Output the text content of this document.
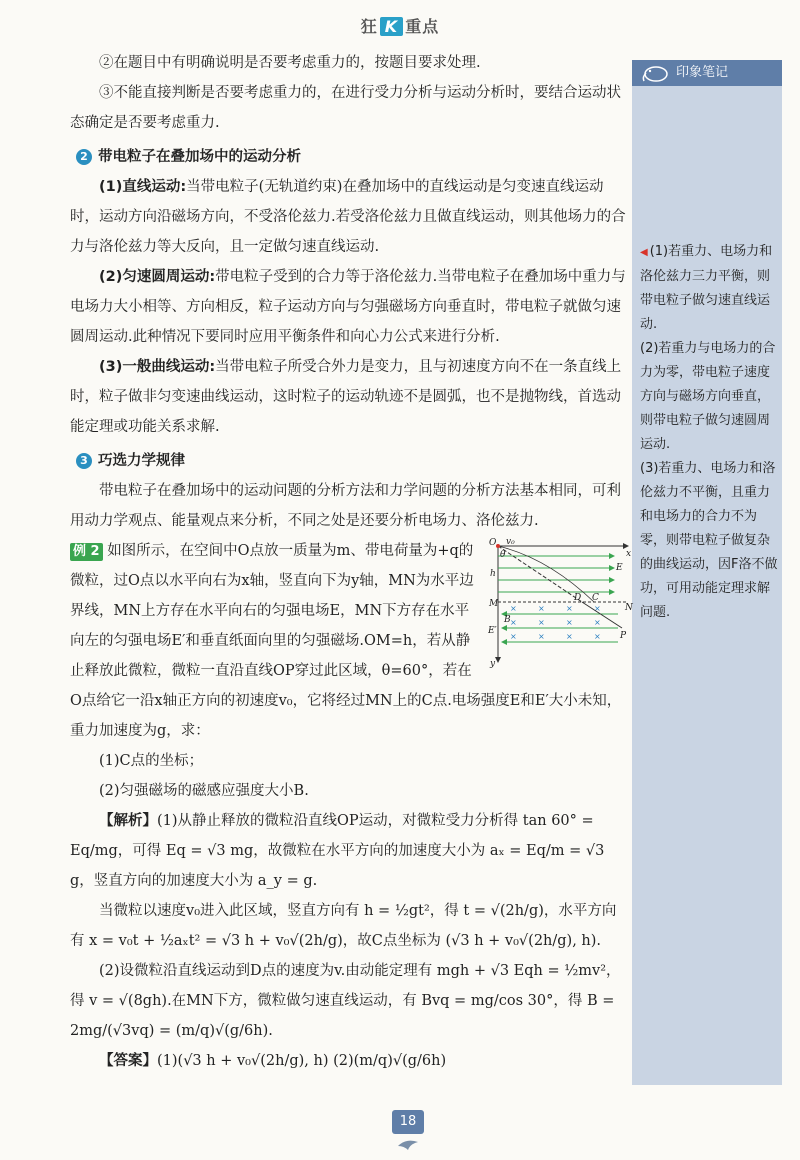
狂 K 重点
印象笔记

◀ (1)若重力、电场力和洛伦兹力三力平衡，则带电粒子做匀速直线运动.

(2)若重力与电场力的合力为零，带电粒子速度方向与磁场方向垂直，则带电粒子做匀速圆周运动.

(3)若重力、电场力和洛伦兹力不平衡，且重力和电场力的合力不为零，则带电粒子做复杂的曲线运动，因F洛不做功，可用动能定理求解问题.

②在题目中有明确说明是否要考虑重力的，按题目要求处理.

③不能直接判断是否要考虑重力的，在进行受力分析与运动分析时，要结合运动状态确定是否要考虑重力.

2 带电粒子在叠加场中的运动分析

(1)直线运动:当带电粒子(无轨道约束)在叠加场中的直线运动是匀变速直线运动时，运动方向沿磁场方向，不受洛伦兹力.若受洛伦兹力且做直线运动，则其他场力的合力与洛伦兹力等大反向，且一定做匀速直线运动.

(2)匀速圆周运动:带电粒子受到的合力等于洛伦兹力.当带电粒子在叠加场中重力与电场力大小相等、方向相反，粒子运动方向与匀强磁场方向垂直时，带电粒子就做匀速圆周运动.此种情况下要同时应用平衡条件和向心力公式来进行分析.

(3)一般曲线运动:当带电粒子所受合外力是变力，且与初速度方向不在一条直线上时，粒子做非匀变速曲线运动，这时粒子的运动轨迹不是圆弧，也不是抛物线，首选动能定理或功能关系求解.

3 巧选力学规律

带电粒子在叠加场中的运动问题的分析方法和力学问题的分析方法基本相同，可利用动力学观点、能量观点来分析，不同之处是还要分析电场力、洛伦兹力.

×	×	×	×
×	×	×	×
×	×	×	×
O v₀
x
y
h
θ
E
E′
M	N
D C
B
P

例 2 如图所示，在空间中O点放一质量为m、带电荷量为+q的微粒，过O点以水平向右为x轴，竖直向下为y轴，MN为水平边界线，MN上方存在水平向右的匀强电场E，MN下方存在水平向左的匀强电场E′和垂直纸面向里的匀强磁场.OM=h，若从静止释放此微粒，微粒一直沿直线OP穿过此区域，θ=60°，若在O点给它一沿x轴正方向的初速度v₀，它将经过MN上的C点.电场强度E和E′大小未知，重力加速度为g，求：

(1)C点的坐标；

(2)匀强磁场的磁感应强度大小B.

【解析】(1)从静止释放的微粒沿直线OP运动，对微粒受力分析得 tan 60° = Eq/mg，可得 Eq = √3 mg，故微粒在水平方向的加速度大小为 aₓ = Eq/m = √3 g，竖直方向的加速度大小为 a_y = g.

当微粒以速度v₀进入此区域，竖直方向有 h = ½gt²，得 t = √(2h/g)，水平方向有 x = v₀t + ½aₓt² = √3 h + v₀√(2h/g)，故C点坐标为 (√3 h + v₀√(2h/g), h).

(2)设微粒沿直线运动到D点的速度为v.由动能定理有 mgh + √3 Eqh = ½mv²，得 v = √(8gh).在MN下方，微粒做匀速直线运动，有 Bvq = mg/cos 30°，得 B = 2mg/(√3vq) = (m/q)√(g/6h).

【答案】(1)(√3 h + v₀√(2h/g), h) (2)(m/q)√(g/6h)

18
